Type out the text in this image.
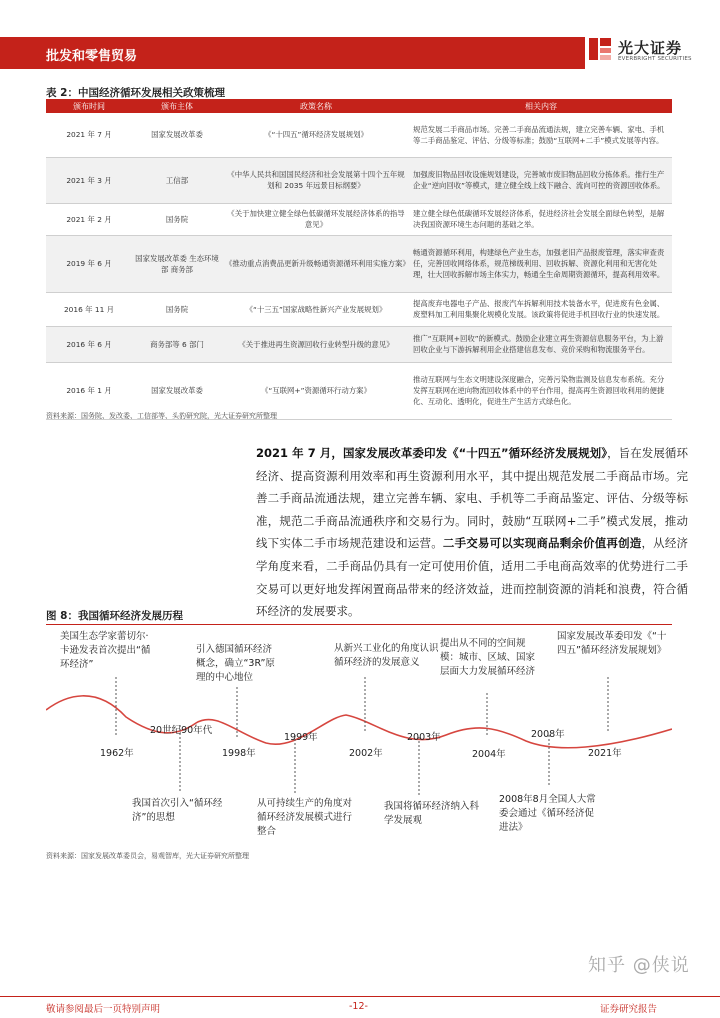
批发和零售贸易	光大证券
EVERBRIGHT SECURITIES
表 2：中国经济循环发展相关政策梳理
颁布时间	颁布主体	政策名称	相关内容
2021 年 7 月	国家发展改革委	《“十四五”循环经济发展规划》	规范发展二手商品市场。完善二手商品流通法规，建立完善车辆、家电、手机等二手商品鉴定、评估、分级等标准；鼓励“互联网+二手”模式发展等内容。
2021 年 3 月	工信部	《中华人民共和国国民经济和社会发展第十四个五年规划和 2035 年远景目标纲要》	加强废旧物品回收设施规划建设，完善城市废旧物品回收分拣体系。推行生产企业“逆向回收”等模式，建立健全线上线下融合、流向可控的资源回收体系。
2021 年 2 月	国务院	《关于加快建立健全绿色低碳循环发展经济体系的指导意见》	建立健全绿色低碳循环发展经济体系，促进经济社会发展全面绿色转型，是解决我国资源环境生态问题的基础之举。
2019 年 6 月	国家发展改革委 生态环境部 商务部	《推动重点消费品更新升级畅通资源循环利用实施方案》	畅通资源循环利用，构建绿色产业生态，加强老旧产品报废管理，落实审查责任，完善回收网络体系，规范梯级利用、回收拆解、资源化利用和无害化处理，壮大回收拆解市场主体实力，畅通全生命周期资源循环，提高利用效率。
2016 年 11 月	国务院	《“十三五”国家战略性新兴产业发展规划》	提高废弃电器电子产品、报废汽车拆解利用技术装备水平，促进废有色金属、废塑料加工利用集聚化规模化发展。该政策将促进手机回收行业的快速发展。
2016 年 6 月	商务部等 6 部门	《关于推进再生资源回收行业转型升级的意见》	推广“互联网+回收”的新模式。鼓励企业建立再生资源信息服务平台，为上游回收企业与下游拆解利用企业搭建信息发布、竞价采购和物流服务平台。
2016 年 1 月	国家发展改革委	《“互联网+”资源循环行动方案》	推动互联网与生态文明建设深度融合，完善污染物监测及信息发布系统。充分发挥互联网在逆向物流回收体系中的平台作用，提高再生资源回收利用的便捷化、互动化、透明化，促进生产生活方式绿色化。
资料来源：国务院、发改委、工信部等、头豹研究院，光大证券研究所整理
2021 年 7 月，国家发展改革委印发《“十四五”循环经济发展规划》，旨在发展循环经济、提高资源利用效率和再生资源利用水平，其中提出规范发展二手商品市场。完善二手商品流通法规，建立完善车辆、家电、手机等二手商品鉴定、评估、分级等标准，规范二手商品流通秩序和交易行为。同时，鼓励“互联网+二手”模式发展，推动线下实体二手市场规范建设和运营。二手交易可以实现商品剩余价值再创造，从经济学角度来看，二手商品仍具有一定可使用价值，适用二手电商高效率的优势进行二手交易可以更好地发挥闲置商品带来的经济效益，进而控制资源的消耗和浪费，符合循环经济的发展要求。
图 8：我国循环经济发展历程
美国生态学家蕾切尔·卡逊发表首次提出“循环经济”
引入德国循环经济概念，确立“3R”原理的中心地位
从新兴工业化的角度认识循环经济的发展意义
提出从不同的空间规模：城市、区域、国家层面大力发展循环经济
国家发展改革委印发《“十四五”循环经济发展规划》
1962年
20世纪90年代
1998年
1999年
2002年
2003年
2004年
2008年
2021年
我国首次引入“循环经济”的思想
从可持续生产的角度对循环经济发展模式进行整合
我国将循环经济纳入科学发展观
2008年8月全国人大常委会通过《循环经济促进法》
资料来源：国家发展改革委员会，易观智库，光大证券研究所整理
知乎 @侠说
敬请参阅最后一页特别声明	-12-	证券研究报告
